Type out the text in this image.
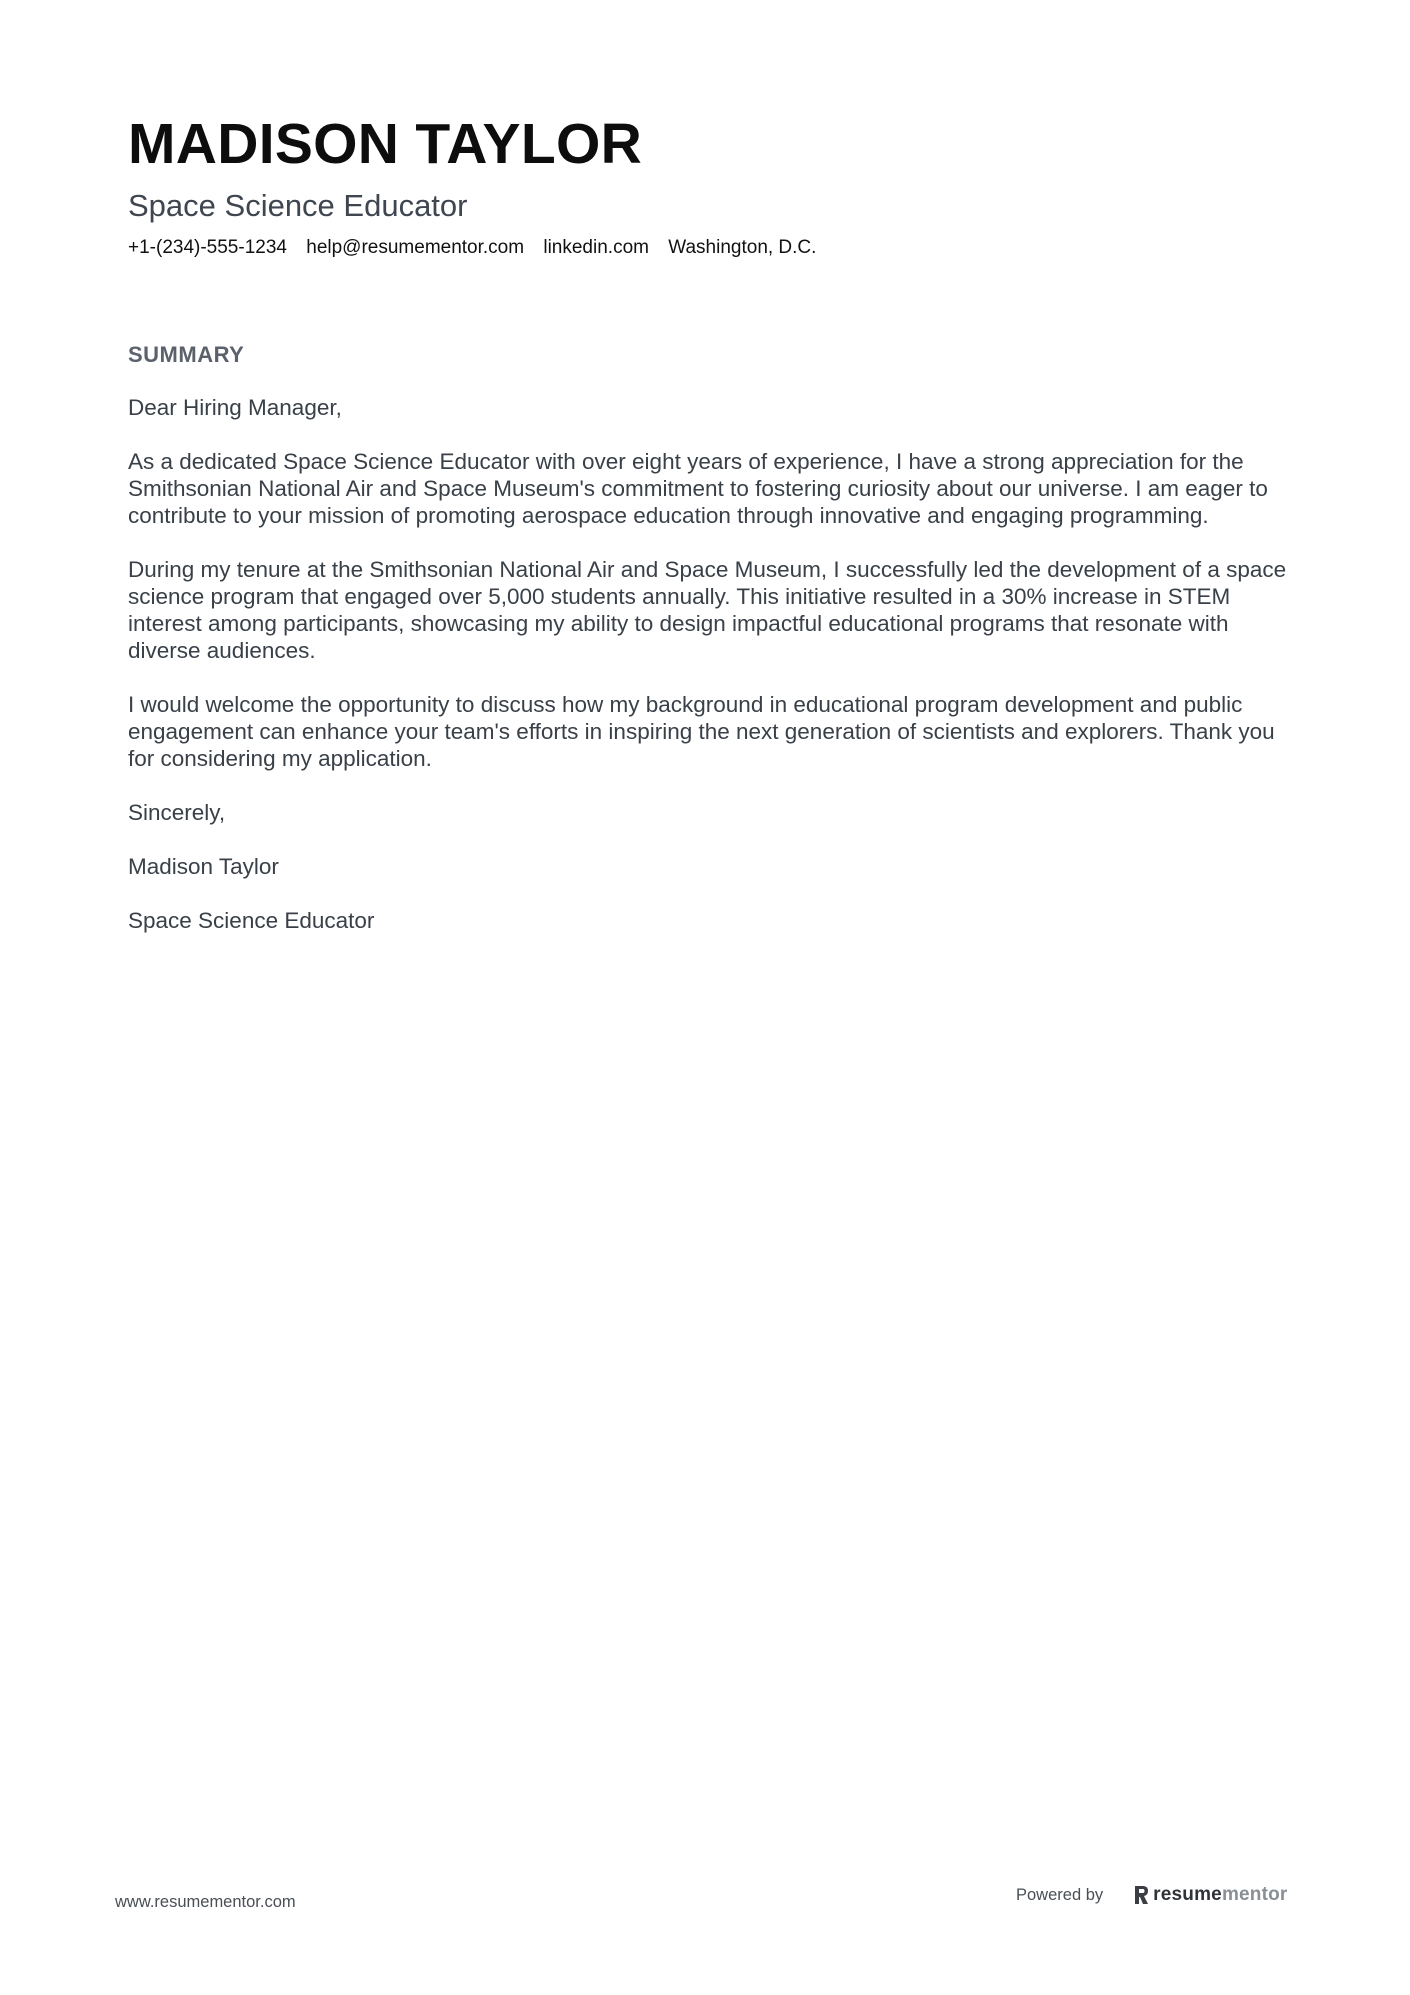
MADISON TAYLOR
Space Science Educator
+1-(234)-555-1234 help@resumementor.com linkedin.com Washington, D.C.
SUMMARY

Dear Hiring Manager,

As a dedicated Space Science Educator with over eight years of experience, I have a strong appreciation for the Smithsonian National Air and Space Museum's commitment to fostering curiosity about our universe. I am eager to contribute to your mission of promoting aerospace education through innovative and engaging programming.

During my tenure at the Smithsonian National Air and Space Museum, I successfully led the development of a space science program that engaged over 5,000 students annually. This initiative resulted in a 30% increase in STEM interest among participants, showcasing my ability to design impactful educational programs that resonate with diverse audiences.

I would welcome the opportunity to discuss how my background in educational program development and public engagement can enhance your team's efforts in inspiring the next generation of scientists and explorers. Thank you for considering my application.

Sincerely,

Madison Taylor

Space Science Educator

www.resumementor.com	Powered by	resume mentor
